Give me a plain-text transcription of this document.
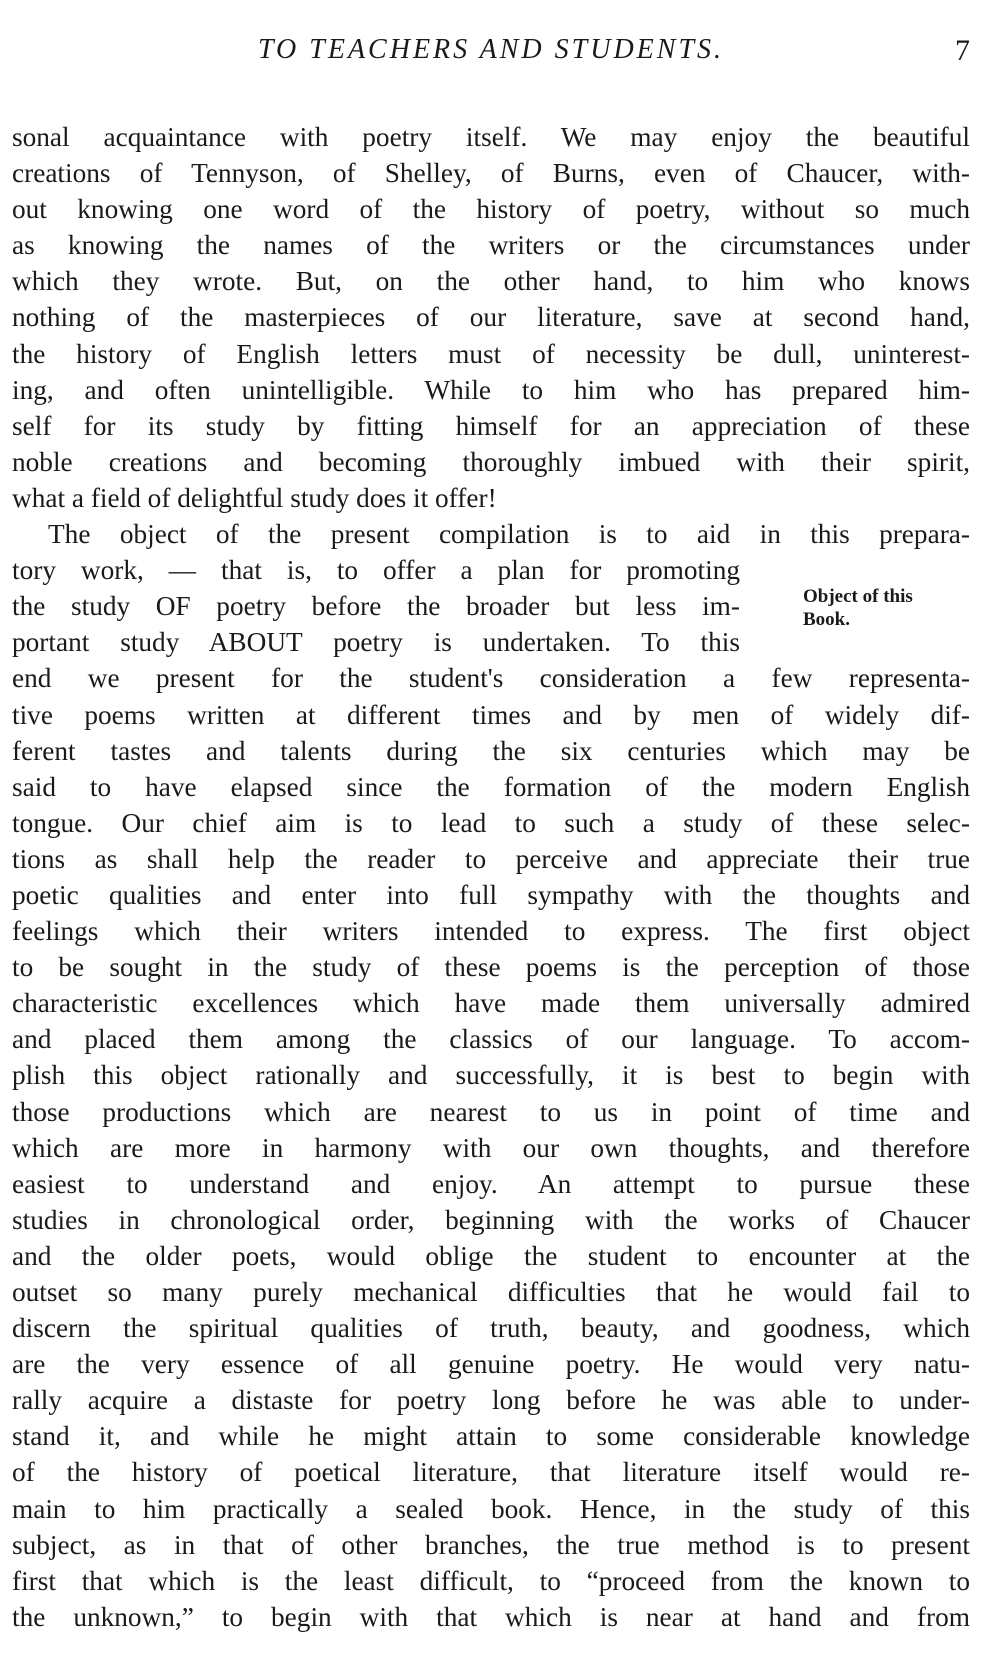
TO TEACHERS AND STUDENTS.	7
sonal acquaintance with poetry itself. We may enjoy the beautiful
creations of Tennyson, of Shelley, of Burns, even of Chaucer, with-
out knowing one word of the history of poetry, without so much
as knowing the names of the writers or the circumstances under
which they wrote. But, on the other hand, to him who knows
nothing of the masterpieces of our literature, save at second hand,
the history of English letters must of necessity be dull, uninterest-
ing, and often unintelligible. While to him who has prepared him-
self for its study by fitting himself for an appreciation of these
noble creations and becoming thoroughly imbued with their spirit,
what a field of delightful study does it offer!
The object of the present compilation is to aid in this prepara-
tory work, — that is, to offer a plan for promoting
the study OF poetry before the broader but less im-
portant study ABOUT poetry is undertaken. To this
end we present for the student's consideration a few representa-
tive poems written at different times and by men of widely dif-
ferent tastes and talents during the six centuries which may be
said to have elapsed since the formation of the modern English
tongue. Our chief aim is to lead to such a study of these selec-
tions as shall help the reader to perceive and appreciate their true
poetic qualities and enter into full sympathy with the thoughts and
feelings which their writers intended to express. The first object
to be sought in the study of these poems is the perception of those
characteristic excellences which have made them universally admired
and placed them among the classics of our language. To accom-
plish this object rationally and successfully, it is best to begin with
those productions which are nearest to us in point of time and
which are more in harmony with our own thoughts, and therefore
easiest to understand and enjoy. An attempt to pursue these
studies in chronological order, beginning with the works of Chaucer
and the older poets, would oblige the student to encounter at the
outset so many purely mechanical difficulties that he would fail to
discern the spiritual qualities of truth, beauty, and goodness, which
are the very essence of all genuine poetry. He would very natu-
rally acquire a distaste for poetry long before he was able to under-
stand it, and while he might attain to some considerable knowledge
of the history of poetical literature, that literature itself would re-
main to him practically a sealed book. Hence, in the study of this
subject, as in that of other branches, the true method is to present
first that which is the least difficult, to “proceed from the known to
the unknown,” to begin with that which is near at hand and from
Object of this
Book.
